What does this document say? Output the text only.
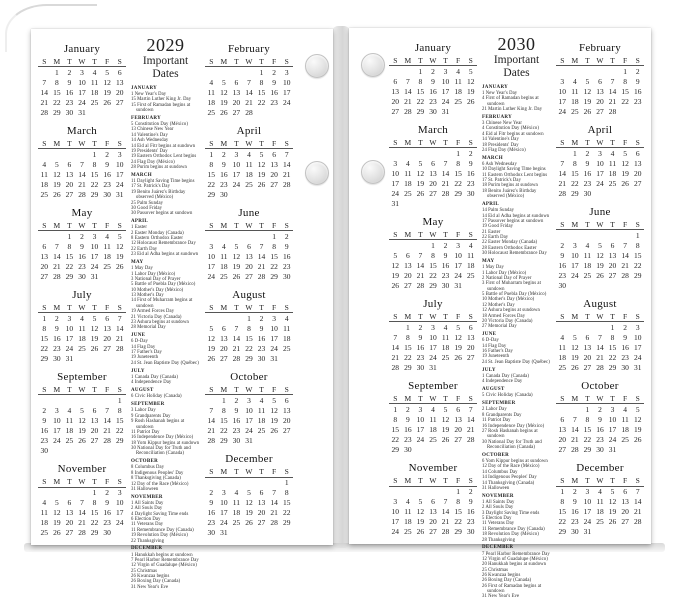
January
S	M	T	W	T	F	S
	1	2	3	4	5	6
7	8	9	10	11	12	13
14	15	16	17	18	19	20
21	22	23	24	25	26	27
28	29	30	31			
March
S	M	T	W	T	F	S
				1	2	3
4	5	6	7	8	9	10
11	12	13	14	15	16	17
18	19	20	21	22	23	24
25	26	27	28	29	30	31
May
S	M	T	W	T	F	S
		1	2	3	4	5
6	7	8	9	10	11	12
13	14	15	16	17	18	19
20	21	22	23	24	25	26
27	28	29	30	31		
July
S	M	T	W	T	F	S
1	2	3	4	5	6	7
8	9	10	11	12	13	14
15	16	17	18	19	20	21
22	23	24	25	26	27	28
29	30	31				
September
S	M	T	W	T	F	S
						1
2	3	4	5	6	7	8
9	10	11	12	13	14	15
16	17	18	19	20	21	22
23	24	25	26	27	28	29
30						
November
S	M	T	W	T	F	S
				1	2	3
4	5	6	7	8	9	10
11	12	13	14	15	16	17
18	19	20	21	22	23	24
25	26	27	28	29	30	
2029
Important Dates
JANUARY
1 New Year's Day
15 Martin Luther King Jr. Day
15 First of Ramadan begins at sundown
FEBRUARY
5 Constitution Day (México)
13 Chinese New Year
14 Valentine's Day
14 Ash Wednesday
14 Eid al Fitr begins at sundown
19 Presidents' Day
19 Eastern Orthodox Lent begins
24 Flag Day (México)
28 Purim begins at sundown
MARCH
11 Daylight Saving Time begins
17 St. Patrick's Day
19 Benito Juárez's Birthday observed (México)
25 Palm Sunday
30 Good Friday
30 Passover begins at sundown
APRIL
1 Easter
2 Easter Monday (Canada)
8 Eastern Orthodox Easter
12 Holocaust Remembrance Day
22 Earth Day
23 Eid al Adha begins at sundown
MAY
1 May Day
1 Labor Day (México)
3 National Day of Prayer
5 Battle of Puebla Day (México)
10 Mother's Day (México)
13 Mother's Day
14 First of Muharram begins at sundown
19 Armed Forces Day
21 Victoria Day (Canada)
23 Ashura begins at sundown
28 Memorial Day
JUNE
6 D-Day
14 Flag Day
17 Father's Day
19 Juneteenth
24 St. Jean Baptiste Day (Québec)
JULY
1 Canada Day (Canada)
4 Independence Day
AUGUST
6 Civic Holiday (Canada)
SEPTEMBER
3 Labor Day
9 Grandparents Day
9 Rosh Hashanah begins at sundown
11 Patriot Day
16 Independence Day (México)
18 Yom Kippur begins at sundown
30 National Day for Truth and Reconciliation (Canada)
OCTOBER
8 Columbus Day
8 Indigenous Peoples' Day
8 Thanksgiving (Canada)
12 Day of the Race (México)
31 Halloween
NOVEMBER
1 All Saints Day
2 All Souls Day
4 Daylight Saving Time ends
6 Election Day
11 Veterans Day
11 Remembrance Day (Canada)
19 Revolution Day (México)
22 Thanksgiving
DECEMBER
1 Hanukkah begins at sundown
7 Pearl Harbor Remembrance Day
12 Virgin of Guadalupe (México)
25 Christmas
26 Kwanzaa begins
26 Boxing Day (Canada)
31 New Year's Eve
February
S	M	T	W	T	F	S
				1	2	3
4	5	6	7	8	9	10
11	12	13	14	15	16	17
18	19	20	21	22	23	24
25	26	27	28			
April
S	M	T	W	T	F	S
1	2	3	4	5	6	7
8	9	10	11	12	13	14
15	16	17	18	19	20	21
22	23	24	25	26	27	28
29	30					
June
S	M	T	W	T	F	S
					1	2
3	4	5	6	7	8	9
10	11	12	13	14	15	16
17	18	19	20	21	22	23
24	25	26	27	28	29	30
August
S	M	T	W	T	F	S
			1	2	3	4
5	6	7	8	9	10	11
12	13	14	15	16	17	18
19	20	21	22	23	24	25
26	27	28	29	30	31	
October
S	M	T	W	T	F	S
	1	2	3	4	5	6
7	8	9	10	11	12	13
14	15	16	17	18	19	20
21	22	23	24	25	26	27
28	29	30	31			
December
S	M	T	W	T	F	S
						1
2	3	4	5	6	7	8
9	10	11	12	13	14	15
16	17	18	19	20	21	22
23	24	25	26	27	28	29
30	31					
January
S	M	T	W	T	F	S
		1	2	3	4	5
6	7	8	9	10	11	12
13	14	15	16	17	18	19
20	21	22	23	24	25	26
27	28	29	30	31		
March
S	M	T	W	T	F	S
					1	2
3	4	5	6	7	8	9
10	11	12	13	14	15	16
17	18	19	20	21	22	23
24	25	26	27	28	29	30
31						
May
S	M	T	W	T	F	S
			1	2	3	4
5	6	7	8	9	10	11
12	13	14	15	16	17	18
19	20	21	22	23	24	25
26	27	28	29	30	31	
July
S	M	T	W	T	F	S
	1	2	3	4	5	6
7	8	9	10	11	12	13
14	15	16	17	18	19	20
21	22	23	24	25	26	27
28	29	30	31			
September
S	M	T	W	T	F	S
1	2	3	4	5	6	7
8	9	10	11	12	13	14
15	16	17	18	19	20	21
22	23	24	25	26	27	28
29	30					
November
S	M	T	W	T	F	S
					1	2
3	4	5	6	7	8	9
10	11	12	13	14	15	16
17	18	19	20	21	22	23
24	25	26	27	28	29	30
2030
Important Dates
JANUARY
1 New Year's Day
4 First of Ramadan begins at sundown
21 Martin Luther King Jr. Day
FEBRUARY
3 Chinese New Year
4 Constitution Day (México)
4 Eid al Fitr begins at sundown
14 Valentine's Day
18 Presidents' Day
24 Flag Day (México)
MARCH
6 Ash Wednesday
10 Daylight Saving Time begins
11 Eastern Orthodox Lent begins
17 St. Patrick's Day
18 Purim begins at sundown
18 Benito Juárez's Birthday observed (México)
APRIL
14 Palm Sunday
14 Eid al Adha begins at sundown
17 Passover begins at sundown
19 Good Friday
21 Easter
22 Earth Day
22 Easter Monday (Canada)
28 Eastern Orthodox Easter
30 Holocaust Remembrance Day
MAY
1 May Day
1 Labor Day (México)
2 National Day of Prayer
3 First of Muharram begins at sundown
5 Battle of Puebla Day (México)
10 Mother's Day (México)
12 Mother's Day
12 Ashura begins at sundown
18 Armed Forces Day
20 Victoria Day (Canada)
27 Memorial Day
JUNE
6 D-Day
14 Flag Day
16 Father's Day
19 Juneteenth
24 St. Jean Baptiste Day (Québec)
JULY
1 Canada Day (Canada)
4 Independence Day
AUGUST
5 Civic Holiday (Canada)
SEPTEMBER
2 Labor Day
8 Grandparents Day
11 Patriot Day
16 Independence Day (México)
27 Rosh Hashanah begins at sundown
30 National Day for Truth and Reconciliation (Canada)
OCTOBER
6 Yom Kippur begins at sundown
12 Day of the Race (México)
14 Columbus Day
14 Indigenous Peoples' Day
14 Thanksgiving (Canada)
31 Halloween
NOVEMBER
1 All Saints Day
2 All Souls Day
3 Daylight Saving Time ends
5 Election Day
11 Veterans Day
11 Remembrance Day (Canada)
18 Revolution Day (México)
28 Thanksgiving
DECEMBER
7 Pearl Harbor Remembrance Day
12 Virgin of Guadalupe (México)
20 Hanukkah begins at sundown
25 Christmas
26 Kwanzaa begins
26 Boxing Day (Canada)
26 First of Ramadan begins at sundown
31 New Year's Eve
February
S	M	T	W	T	F	S
					1	2
3	4	5	6	7	8	9
10	11	12	13	14	15	16
17	18	19	20	21	22	23
24	25	26	27	28		
April
S	M	T	W	T	F	S
	1	2	3	4	5	6
7	8	9	10	11	12	13
14	15	16	17	18	19	20
21	22	23	24	25	26	27
28	29	30				
June
S	M	T	W	T	F	S
						1
2	3	4	5	6	7	8
9	10	11	12	13	14	15
16	17	18	19	20	21	22
23	24	25	26	27	28	29
30						
August
S	M	T	W	T	F	S
				1	2	3
4	5	6	7	8	9	10
11	12	13	14	15	16	17
18	19	20	21	22	23	24
25	26	27	28	29	30	31
October
S	M	T	W	T	F	S
		1	2	3	4	5
6	7	8	9	10	11	12
13	14	15	16	17	18	19
20	21	22	23	24	25	26
27	28	29	30	31		
December
S	M	T	W	T	F	S
1	2	3	4	5	6	7
8	9	10	11	12	13	14
15	16	17	18	19	20	21
22	23	24	25	26	27	28
29	30	31				
